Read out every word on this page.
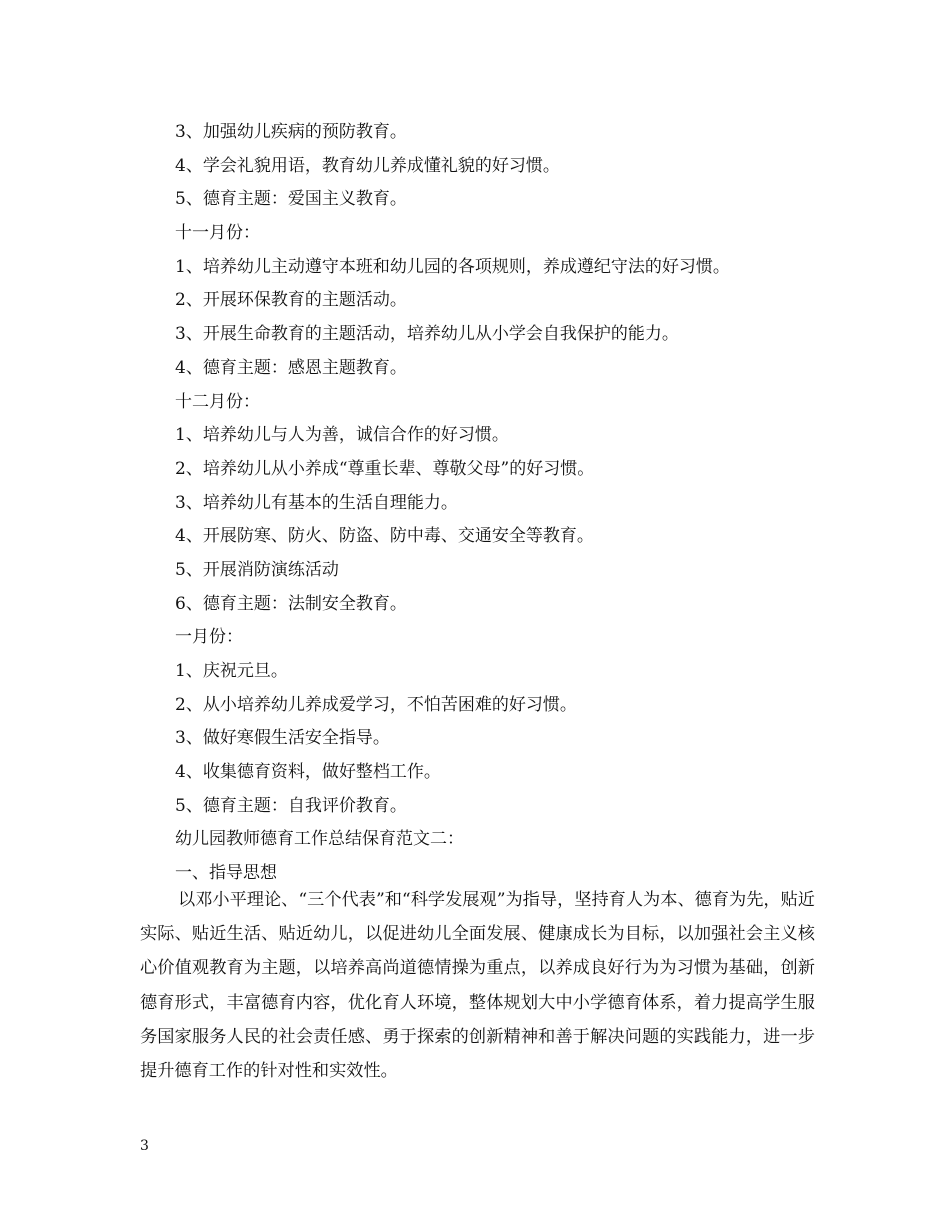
3、加强幼儿疾病的预防教育。
4、学会礼貌用语，教育幼儿养成懂礼貌的好习惯。
5、德育主题：爱国主义教育。
十一月份：
1、培养幼儿主动遵守本班和幼儿园的各项规则，养成遵纪守法的好习惯。
2、开展环保教育的主题活动。
3、开展生命教育的主题活动，培养幼儿从小学会自我保护的能力。
4、德育主题：感恩主题教育。
十二月份：
1、培养幼儿与人为善，诚信合作的好习惯。
2、培养幼儿从小养成“尊重长辈、尊敬父母”的好习惯。
3、培养幼儿有基本的生活自理能力。
4、开展防寒、防火、防盗、防中毒、交通安全等教育。
5、开展消防演练活动
6、德育主题：法制安全教育。
一月份：
1、庆祝元旦。
2、从小培养幼儿养成爱学习，不怕苦困难的好习惯。
3、做好寒假生活安全指导。
4、收集德育资料，做好整档工作。
5、德育主题：自我评价教育。
幼儿园教师德育工作总结保育范文二：
一、指导思想
以邓小平理论、“三个代表”和“科学发展观”为指导，坚持育人为本、德育为先，贴近实际、贴近生活、贴近幼儿，以促进幼儿全面发展、健康成长为目标，以加强社会主义核心价值观教育为主题，以培养高尚道德情操为重点，以养成良好行为为习惯为基础，创新德育形式，丰富德育内容，优化育人环境，整体规划大中小学德育体系，着力提高学生服务国家服务人民的社会责任感、勇于探索的创新精神和善于解决问题的实践能力，进一步提升德育工作的针对性和实效性。
3
